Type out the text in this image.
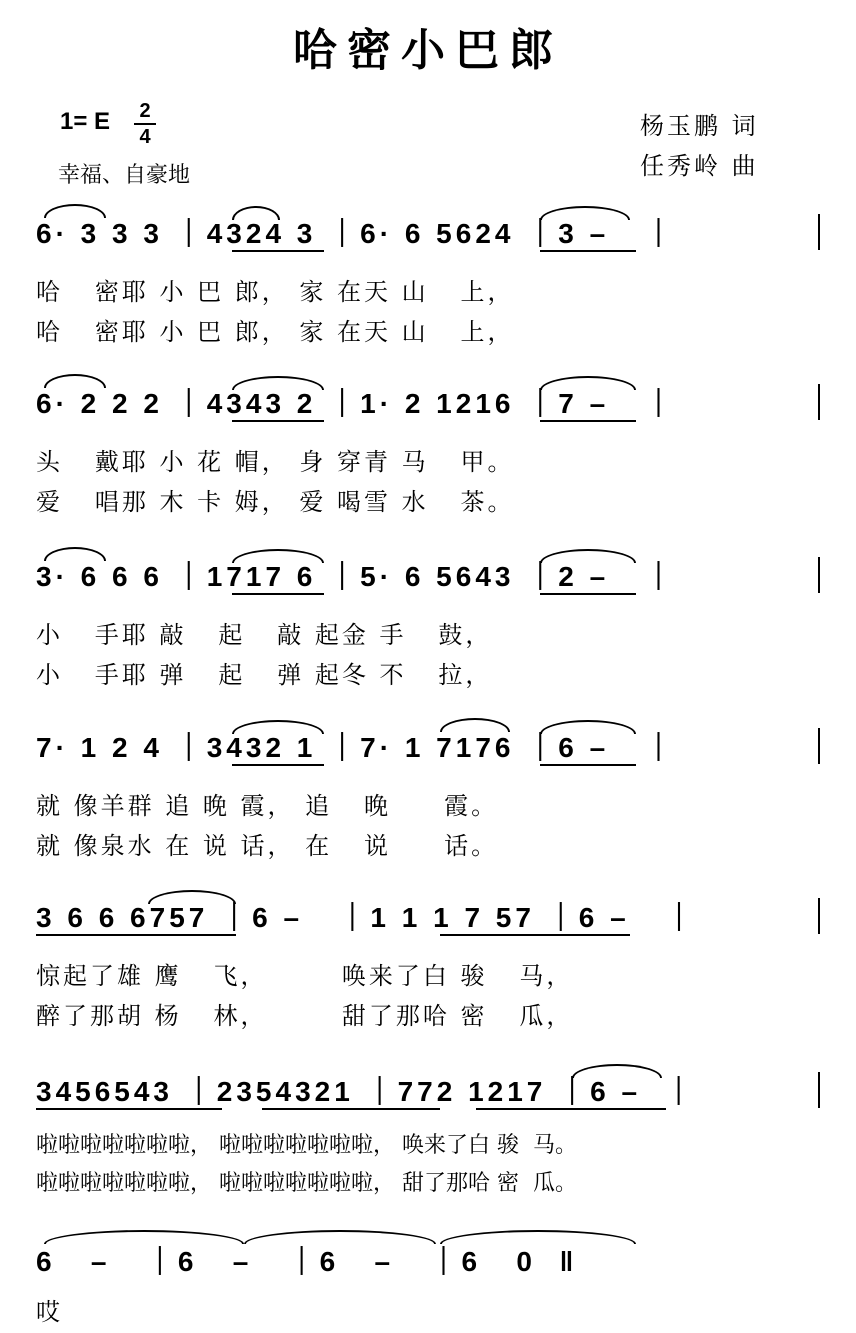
哈密小巴郎
1= E 2
4
幸福、自豪地
杨玉鹏 词
任秀岭 曲
6· 3 3 3 ｜4324 3 ｜6· 6 5624 ｜3 –   ｜
哈   密耶 小 巴 郎， 家 在天 山   上，
哈   密耶 小 巴 郎， 家 在天 山   上，
6· 2 2 2 ｜4343 2 ｜1· 2 1216 ｜7 –   ｜
头   戴耶 小 花 帽， 身 穿青 马   甲。
爱   唱那 木 卡 姆， 爱 喝雪 水   茶。
3· 6 6 6 ｜1717 6 ｜5· 6 5643 ｜2 –   ｜
小   手耶 敲   起   敲 起金 手   鼓，
小   手耶 弹   起   弹 起冬 不   拉，
7· 1 2 4 ｜3432 1 ｜7· 1 7176 ｜6 –   ｜
就 像羊群 追 晚 霞， 追   晚     霞。
就 像泉水 在 说 话， 在   说     话。
3 6 6 6757 ｜6 –   ｜1 1 1 7 57 ｜6 –   ｜
惊起了雄 鹰   飞，       唤来了白 骏   马，
醉了那胡 杨   林，       甜了那哈 密   瓜，
3456543 ｜2354321 ｜772 1217 ｜6 –  ｜
啦啦啦啦啦啦啦， 啦啦啦啦啦啦啦， 唤来了白 骏  马。
啦啦啦啦啦啦啦， 啦啦啦啦啦啦啦， 甜了那哈 密  瓜。
6   –   ｜6   –   ｜6   –   ｜6   0  ‖
哎
